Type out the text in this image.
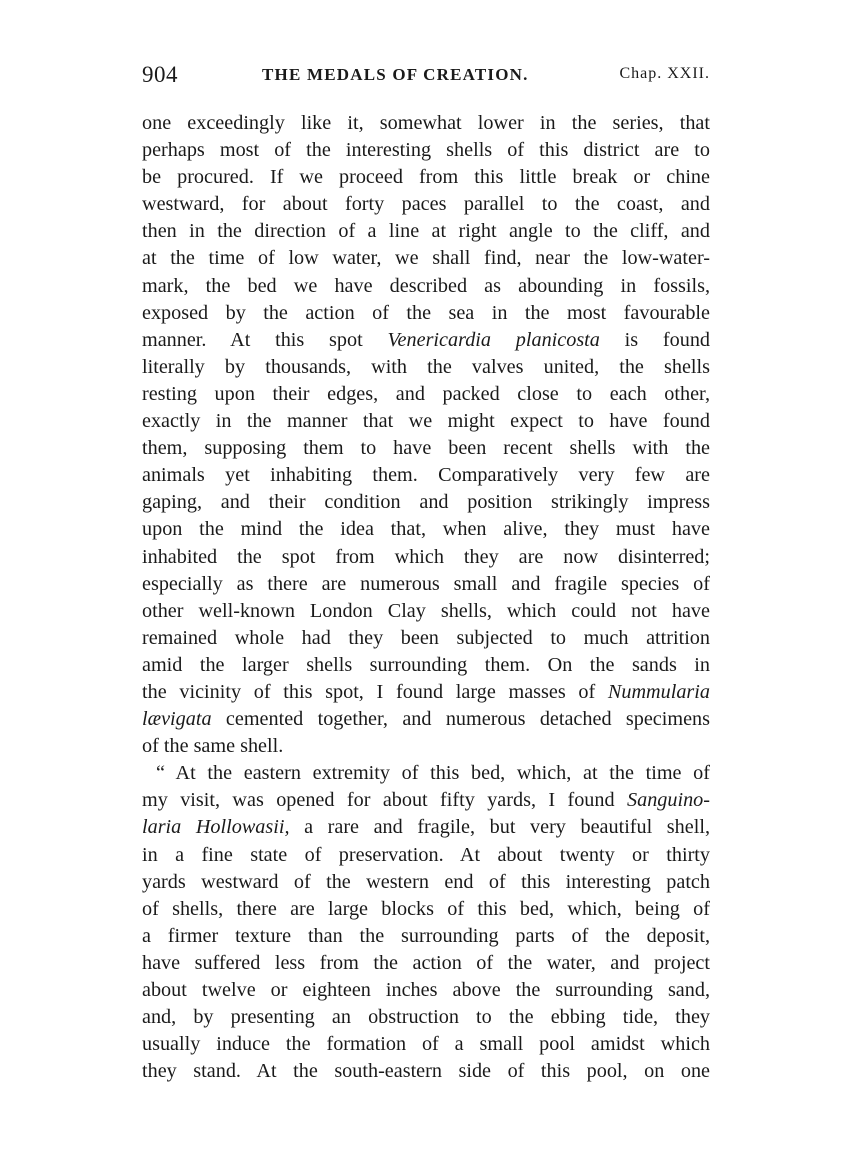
904	THE MEDALS OF CREATION.	Chap. XXII.
one exceedingly like it, somewhat lower in the series, that
perhaps most of the interesting shells of this district are to
be procured. If we proceed from this little break or chine
westward, for about forty paces parallel to the coast, and
then in the direction of a line at right angle to the cliff, and
at the time of low water, we shall find, near the low-water-
mark, the bed we have described as abounding in fossils,
exposed by the action of the sea in the most favourable
manner. At this spot Venericardia planicosta is found
literally by thousands, with the valves united, the shells
resting upon their edges, and packed close to each other,
exactly in the manner that we might expect to have found
them, supposing them to have been recent shells with the
animals yet inhabiting them. Comparatively very few are
gaping, and their condition and position strikingly impress
upon the mind the idea that, when alive, they must have
inhabited the spot from which they are now disinterred;
especially as there are numerous small and fragile species of
other well-known London Clay shells, which could not have
remained whole had they been subjected to much attrition
amid the larger shells surrounding them. On the sands in
the vicinity of this spot, I found large masses of Nummularia
lævigata cemented together, and numerous detached specimens
of the same shell.
“ At the eastern extremity of this bed, which, at the time of
my visit, was opened for about fifty yards, I found Sanguino-
laria Hollowasii, a rare and fragile, but very beautiful shell,
in a fine state of preservation. At about twenty or thirty
yards westward of the western end of this interesting patch
of shells, there are large blocks of this bed, which, being of
a firmer texture than the surrounding parts of the deposit,
have suffered less from the action of the water, and project
about twelve or eighteen inches above the surrounding sand,
and, by presenting an obstruction to the ebbing tide, they
usually induce the formation of a small pool amidst which
they stand. At the south-eastern side of this pool, on one
